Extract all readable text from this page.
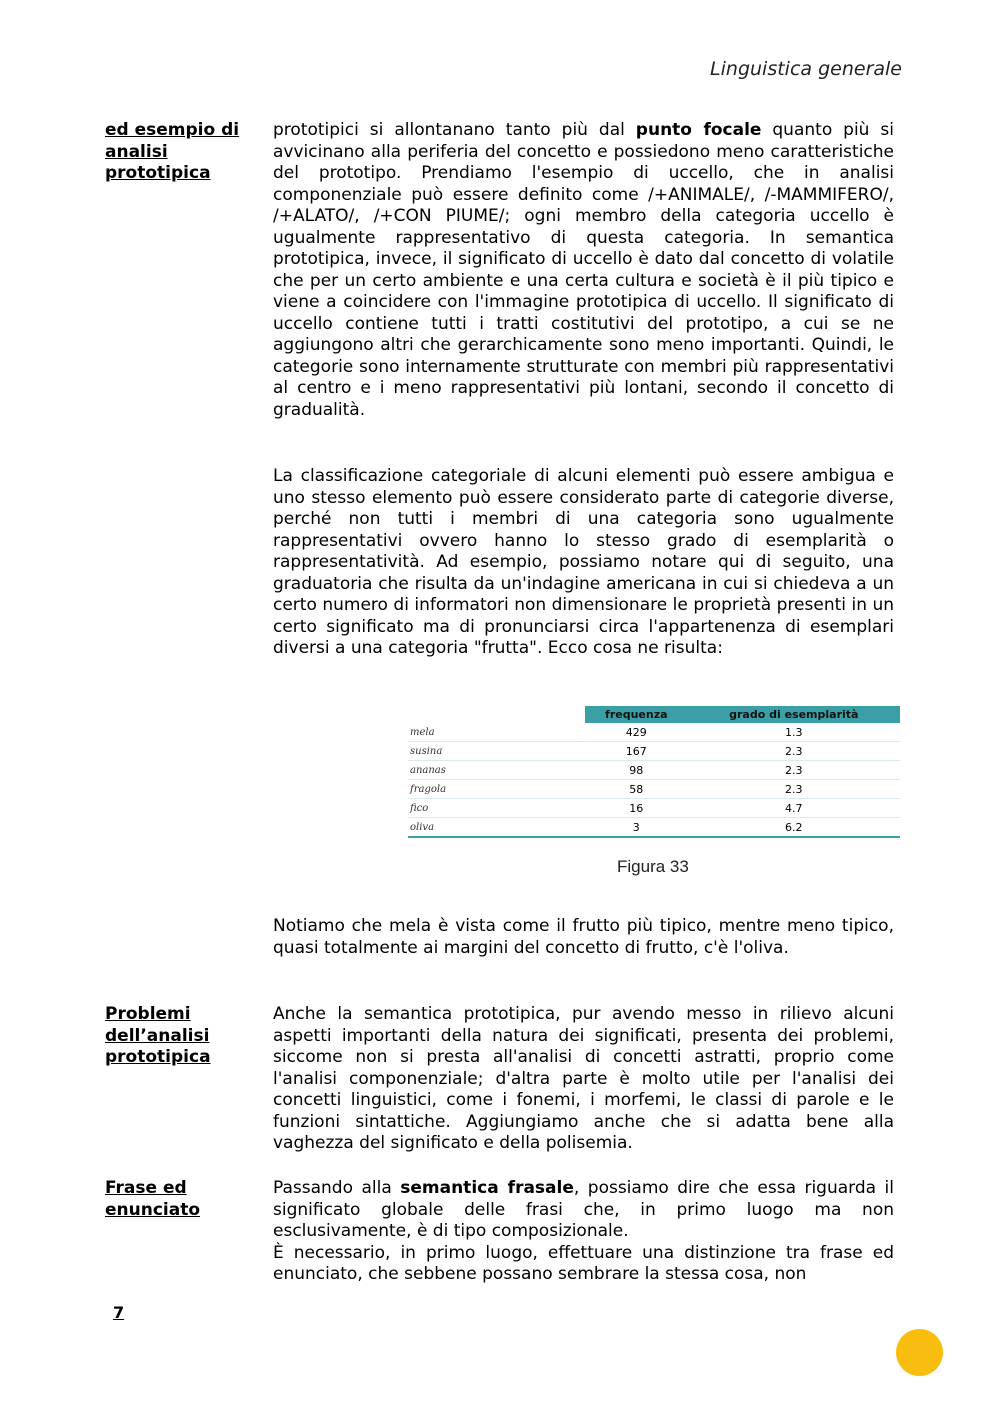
Linguistica generale
ed esempio di analisi prototipica

prototipici si allontanano tanto più dal punto focale quanto più si avvicinano alla periferia del concetto e possiedono meno caratteristiche del prototipo. Prendiamo l'esempio di uccello, che in analisi componenziale può essere definito come /+ANIMALE/, /-MAMMIFERO/, /+ALATO/, /+CON PIUME/; ogni membro della categoria uccello è ugualmente rappresentativo di questa categoria. In semantica prototipica, invece, il significato di uccello è dato dal concetto di volatile che per un certo ambiente e una certa cultura e società è il più tipico e viene a coincidere con l'immagine prototipica di uccello. Il significato di uccello contiene tutti i tratti costitutivi del prototipo, a cui se ne aggiungono altri che gerarchicamente sono meno importanti. Quindi, le categorie sono internamente strutturate con membri più rappresentativi al centro e i meno rappresentativi più lontani, secondo il concetto di gradualità.

La classificazione categoriale di alcuni elementi può essere ambigua e uno stesso elemento può essere considerato parte di categorie diverse, perché non tutti i membri di una categoria sono ugualmente rappresentativi ovvero hanno lo stesso grado di esemplarità o rappresentatività. Ad esempio, possiamo notare qui di seguito, una graduatoria che risulta da un'indagine americana in cui si chiedeva a un certo numero di informatori non dimensionare le proprietà presenti in un certo significato ma di pronunciarsi circa l'appartenenza di esemplari diversi a una categoria "frutta". Ecco cosa ne risulta:

	frequenza	grado di esemplarità
mela	429	1.3
susina	167	2.3
ananas	98	2.3
fragola	58	2.3
fico	16	4.7
oliva	3	6.2
Figura 33

Notiamo che mela è vista come il frutto più tipico, mentre meno tipico, quasi totalmente ai margini del concetto di frutto, c'è l'oliva.

Problemi dell’analisi prototipica

Anche la semantica prototipica, pur avendo messo in rilievo alcuni aspetti importanti della natura dei significati, presenta dei problemi, siccome non si presta all'analisi di concetti astratti, proprio come l'analisi componenziale; d'altra parte è molto utile per l'analisi dei concetti linguistici, come i fonemi, i morfemi, le classi di parole e le funzioni sintattiche. Aggiungiamo anche che si adatta bene alla vaghezza del significato e della polisemia.

Frase ed enunciato

Passando alla semantica frasale, possiamo dire che essa riguarda il significato globale delle frasi che, in primo luogo ma non esclusivamente, è di tipo composizionale.

È necessario, in primo luogo, effettuare una distinzione tra frase ed enunciato, che sebbene possano sembrare la stessa cosa, non

7
